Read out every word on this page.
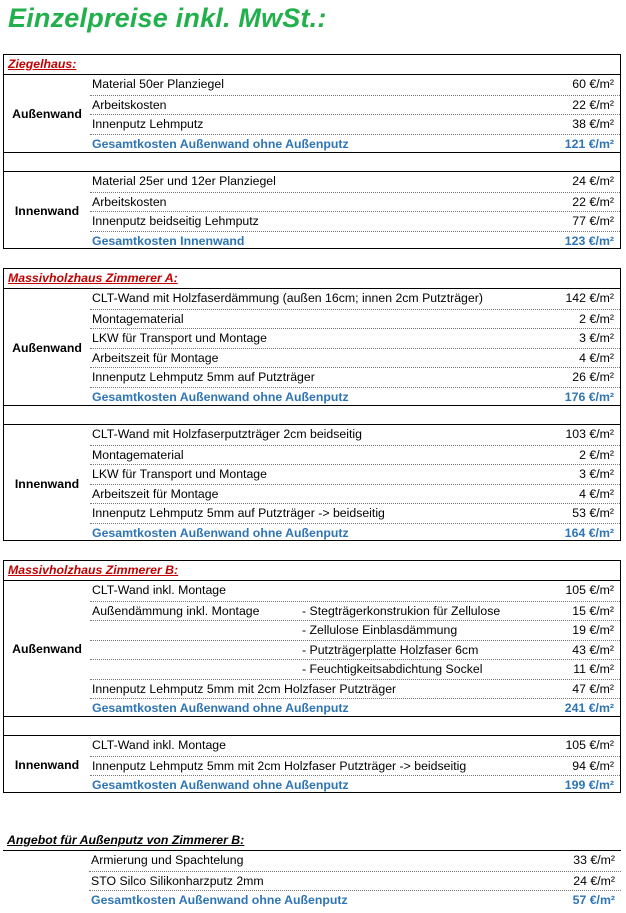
Einzelpreise inkl. MwSt.:
Ziegelhaus:
Außenwand
Material 50er Planziegel	60 €/m²
Arbeitskosten	22 €/m²
Innenputz Lehmputz	38 €/m²
Gesamtkosten Außenwand ohne Außenputz	121 €/m²
Innenwand
Material 25er und 12er Planziegel	24 €/m²
Arbeitskosten	22 €/m²
Innenputz beidseitig Lehmputz	77 €/m²
Gesamtkosten Innenwand	123 €/m²
Massivholzhaus Zimmerer A:
Außenwand
CLT-Wand mit Holzfaserdämmung (außen 16cm; innen 2cm Putzträger)	142 €/m²
Montagematerial	2 €/m²
LKW für Transport und Montage	3 €/m²
Arbeitszeit für Montage	4 €/m²
Innenputz Lehmputz 5mm auf Putzträger	26 €/m²
Gesamtkosten Außenwand ohne Außenputz	176 €/m²
Innenwand
CLT-Wand mit Holzfaserputzträger 2cm beidseitig	103 €/m²
Montagematerial	2 €/m²
LKW für Transport und Montage	3 €/m²
Arbeitszeit für Montage	4 €/m²
Innenputz Lehmputz 5mm auf Putzträger -> beidseitig	53 €/m²
Gesamtkosten Außenwand ohne Außenputz	164 €/m²
Massivholzhaus Zimmerer B:
Außenwand
CLT-Wand inkl. Montage	105 €/m²
Außendämmung inkl. Montage	- Stegträgerkonstrukion für Zellulose	15 €/m²
- Zellulose Einblasdämmung	19 €/m²
- Putzträgerplatte Holzfaser 6cm	43 €/m²
- Feuchtigkeitsabdichtung Sockel	11 €/m²
Innenputz Lehmputz 5mm mit 2cm Holzfaser Putzträger	47 €/m²
Gesamtkosten Außenwand ohne Außenputz	241 €/m²
Innenwand
CLT-Wand inkl. Montage	105 €/m²
Innenputz Lehmputz 5mm mit 2cm Holzfaser Putzträger -> beidseitig	94 €/m²
Gesamtkosten Außenwand ohne Außenputz	199 €/m²
Angebot für Außenputz von Zimmerer B:
Armierung und Spachtelung	33 €/m²
STO Silco Silikonharzputz 2mm	24 €/m²
Gesamtkosten Außenwand ohne Außenputz	57 €/m²
